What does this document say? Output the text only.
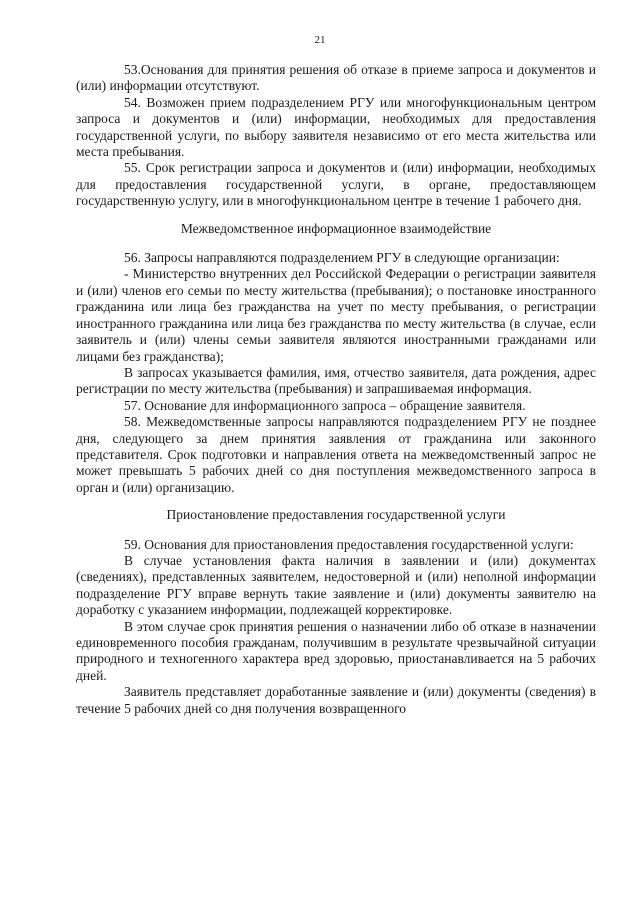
21

53.Основания для принятия решения об отказе в приеме запроса и документов и (или) информации отсутствуют.

54. Возможен прием подразделением РГУ или многофункциональным центром запроса и документов и (или) информации, необходимых для предоставления государственной услуги, по выбору заявителя независимо от его места жительства или места пребывания.

55. Срок регистрации запроса и документов и (или) информации, необходимых для предоставления государственной услуги, в органе, предоставляющем государственную услугу, или в многофункциональном центре в течение 1 рабочего дня.

Межведомственное информационное взаимодействие

56. Запросы направляются подразделением РГУ в следующие организации:

- Министерство внутренних дел Российской Федерации о регистрации заявителя и (или) членов его семьи по месту жительства (пребывания); о постановке иностранного гражданина или лица без гражданства на учет по месту пребывания, о регистрации иностранного гражданина или лица без гражданства по месту жительства (в случае, если заявитель и (или) члены семьи заявителя являются иностранными гражданами или лицами без гражданства);

В запросах указывается фамилия, имя, отчество заявителя, дата рождения, адрес регистрации по месту жительства (пребывания) и запрашиваемая информация.

57. Основание для информационного запроса – обращение заявителя.

58. Межведомственные запросы направляются подразделением РГУ не позднее дня, следующего за днем принятия заявления от гражданина или законного представителя. Срок подготовки и направления ответа на межведомственный запрос не может превышать 5 рабочих дней со дня поступления межведомственного запроса в орган и (или) организацию.

Приостановление предоставления государственной услуги

59. Основания для приостановления предоставления государственной услуги:

В случае установления факта наличия в заявлении и (или) документах (сведениях), представленных заявителем, недостоверной и (или) неполной информации подразделение РГУ вправе вернуть такие заявление и (или) документы заявителю на доработку с указанием информации, подлежащей корректировке.

В этом случае срок принятия решения о назначении либо об отказе в назначении единовременного пособия гражданам, получившим в результате чрезвычайной ситуации природного и техногенного характера вред здоровью, приостанавливается на 5 рабочих дней.

Заявитель представляет доработанные заявление и (или) документы (сведения) в течение 5 рабочих дней со дня получения возвращенного
